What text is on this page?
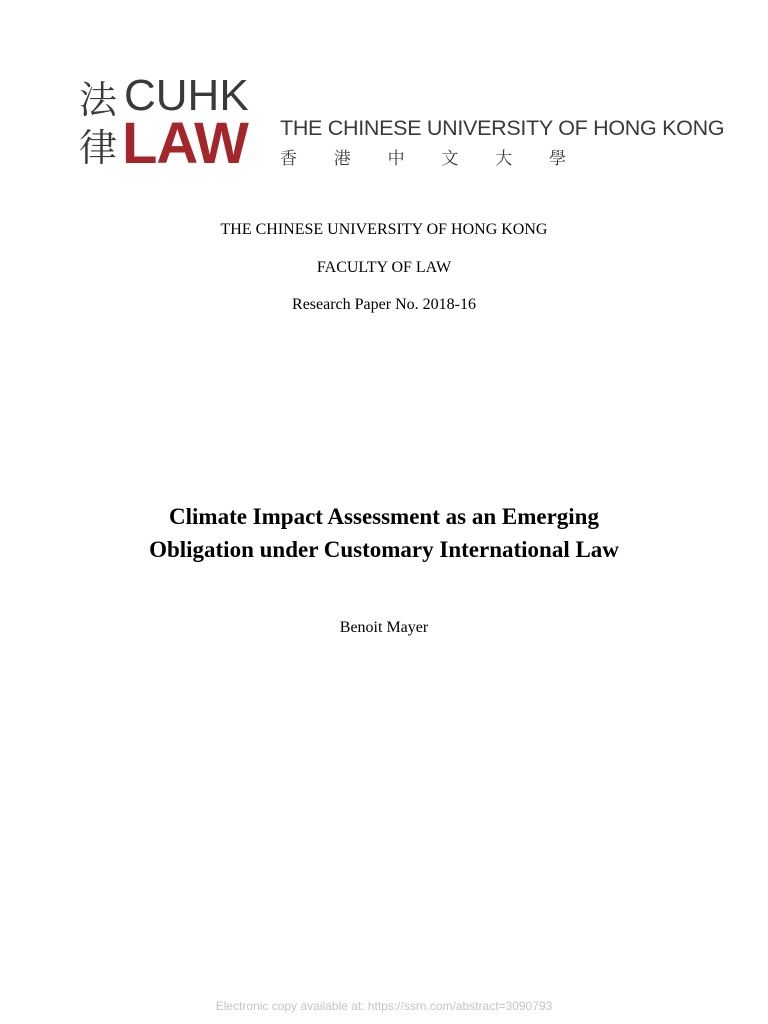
法
律
CUHK
LAW THE CHINESE UNIVERSITY OF HONG KONG
香 港 中 文 大 學
THE CHINESE UNIVERSITY OF HONG KONG
FACULTY OF LAW
Research Paper No. 2018-16
Climate Impact Assessment as an Emerging
Obligation under Customary International Law
Benoit Mayer
Electronic copy available at: https://ssrn.com/abstract=3090793
